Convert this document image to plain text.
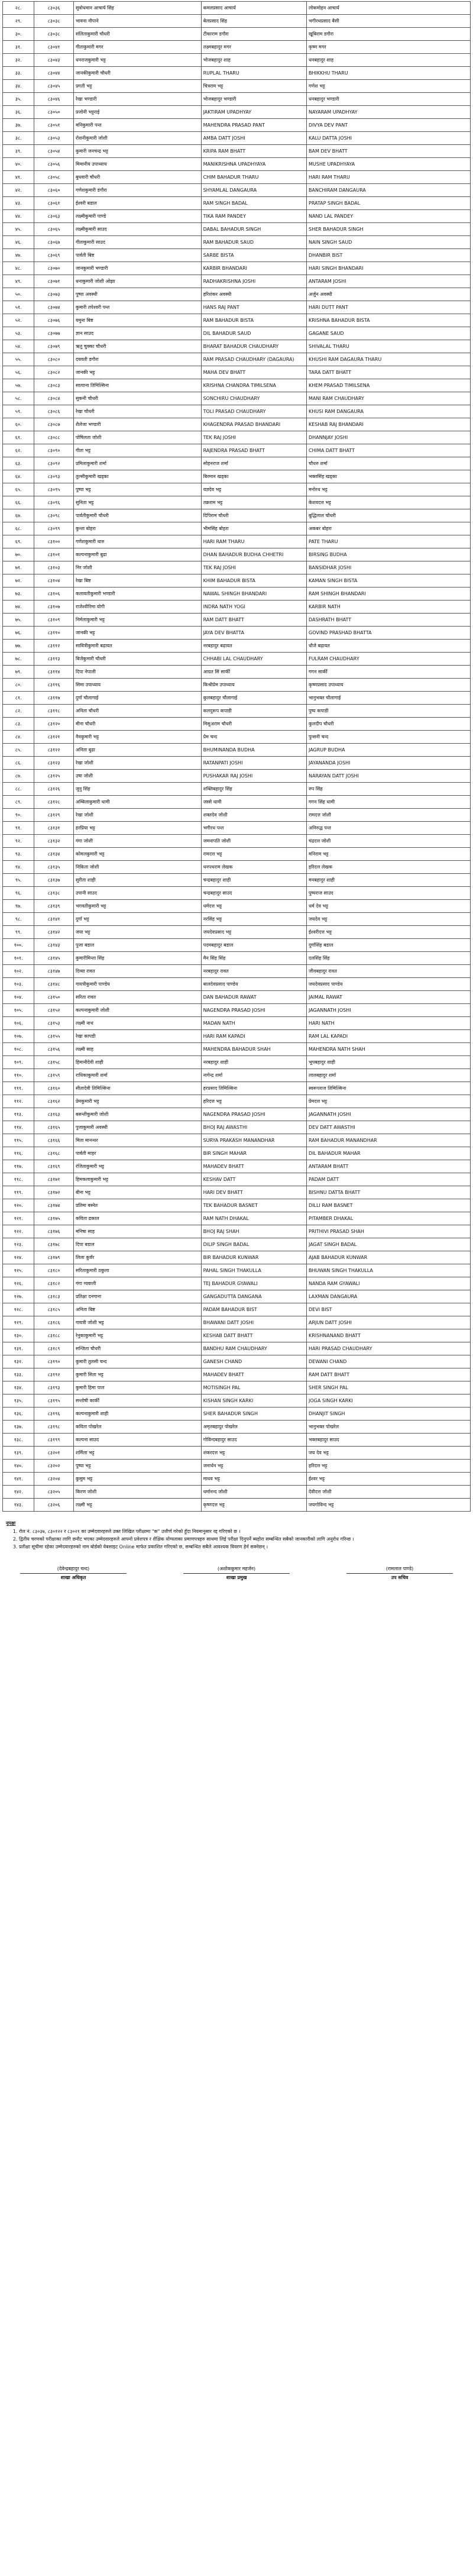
२८.	८३०३६	सुवोधमान आचार्य सिंह	कमलप्रसाद आचार्य	लोकमोहन आचार्य
२९.	८३०३८	भावना नौपाने	बेलप्रसाद सिंह	भगीरथप्रसाद बैसी
३०.	८३०३८	संलिताकुमारी चौधरी	टीकाराम डगौरा	खूबिराम डगौरा
३१.	८३०४१	गीताकुमारी मगर	लक्ष्मबहादुर मगर	कृष्ण मगर
३२.	८३०४३	धनराजकुमारी भट्ट	भोजबहादुर शाह	धनबहादुर शाह
३३.	८३०४४	जानकीकुमारी चौधरी	RUPLAL THARU	BHIKKHU THARU
३४.	८३०४५	प्रगती भट्ट	चित्रराम भट्ट	गणेश भट्ट
३५.	८३०४६	रेखा भण्डारी	भोजबहादुर भण्डारी	धनबहादुर भण्डारी
३६.	८३०५०	प्रजोनी भट्टराई	JAKTIRAM UPADHYAY	NAYARAM UPADHYAY
३७.	८३०५१	मनिकुमारी पन्त	MAHENDRA PRASAD PANT	DIVYA DEV PANT
३८.	८३०५३	रोशनीकुमारी जोशी	AMBA DATT JOSHI	KALU DATTA JOSHI
३९.	८३०५४	कुमारी जनचन्द्र भट्ट	KRIPA RAM BHATT	BAM DEV BHATT
४०.	८३०५६	मिमानीय उपाध्याय	MANIKRISHNA UPADHYAYA	MUSHE UPADHYAYA
४१.	८३०५८	बुधवारी चौधरी	CHIM BAHADUR THARU	HARI RAM THARU
४२.	८३०६०	गणेशकुमारी डंगौरा	SHYAMLAL DANGAURA	BANCHIRAM DANGAURA
४३.	८३०६१	ईश्वरी बडाल	RAM SINGH BADAL	PRATAP SINGH BADAL
४४.	८३०६३	लक्ष्मीकुमारी पाण्डे	TIKA RAM PANDEY	NAND LAL PANDEY
४५.	८३०६५	लक्ष्मीकुमारी साउद	DABAL BAHADUR SINGH	SHER BAHADUR SINGH
४६.	८३०६७	गीताकुमारी साउद	RAM BAHADUR SAUD	NAIN SINGH SAUD
४७.	८३०६९	पार्वती बिष्ट	SARBE BISTA	DHANBIR BIST
४८.	८३०७०	जानकुमारी भण्डारी	KARBIR BHANDARI	HARI SINGH BHANDARI
४९.	८३०७१	धनाकुमारी जोशी ओझा	RADHAKRISHNA JOSHI	ANTARAM JOSHI
५०.	८३०७३	पुष्पा अवस्थी	हरिशंकर अवस्थी	अर्जुन अवस्थी
५१.	८३०७४	कुमारी तपेश्वरी पन्त	HANS RAJ PANT	HARI DUTT PANT
५२.	८३०७६	यमुना बिष्ट	RAM BAHADUR BISTA	KRISHNA BAHADUR BISTA
५३.	८३०७७	ज्ञान साउद	DIL BAHADUR SAUD	GAGANE SAUD
५४.	८३०७९	ऋतु चुक्का चौधरी	BHARAT BAHADUR CHAUDHARY	SHIVALAL THARU
५५.	८३०८०	दयवती डगौरा	RAM PRASAD CHAUDHARY (DAGAURA)	KHUSHI RAM DAGAURA THARU
५६.	८३०८२	जानकी भट्ट	MAHA DEV BHATT	TARA DATT BHATT
५७.	८३०८३	सात्पाना तिमिल्सिना	KRISHNA CHANDRA TIMILSENA	KHEM PRASAD TIMILSENA
५८.	८३०८४	सुकनी चौधरी	SONCHIRU CHAUDHARY	MANI RAM CHAUDHARY
५९.	८३०८६	रेखा चौधरी	TOLI PRASAD CHAUDHARY	KHUSI RAM DANGAURA
६०.	८३०८७	शैलेजा भण्डारी	KHAGENDRA PRASAD BHANDARI	KESHAB RAJ BHANDARI
६१.	८३०८८	पोषिलता जोशी	TEK RAJ JOSHI	DHANNJAY JOSHI
६२.	८३०९०	गीता भट्ट	RAJENDRA PRASAD BHATT	CHIMA DATT BHATT
६३.	८३०९२	प्रमिलाकुमारी शर्मा	सोहनराज शर्मा	चौधरु शर्मा
६४.	८३०९३	तुल्सीकुमारी खड्का	बिरमान खड्का	भक्तसिंह खड्का
६५.	८३०९५	पुष्पा भट्ट	यज्ञदेव भट्ट	मनोरथ भट्ट
६६.	८३०९६	सुनिता भट्ट	तक्रराम भट्ट	केशवदत्त भट्ट
६७.	८३०९८	पार्वतीकुमारी चौधरी	दिपिराम चौधरी	बुद्धिलाल चौधरी
६८.	८३०९९	कुन्ता बोहरा	भीमसिंह बोहरा	अकबर बोहरा
६९.	८३१००	गणेशकुमारी थारु	HARI RAM THARU	PATE THARU
७०.	८३१०१	कल्पनाकुमारी बुढा	DHAN BAHADUR BUDHA CHHETRI	BIRSING BUDHA
७१.	८३१०३	निर जोशी	TEK RAJ JOSHI	BANSIDHAR JOSHI
७२.	८३१०४	रेखा बिष्ट	KHIM BAHADUR BISTA	KAMAN SINGH BISTA
७३.	८३१०६	कलावतीकुमारी भण्डारी	NAWAL SHINGH BHANDARI	RAM SHINGH BHANDARI
७४.	८३१०७	राजेश्वीरिमा योगी	INDRA NATH YOGI	KARBIR NATH
७५.	८३१०९	निर्मलाकुमारी भट्ट	RAM DATT BHATT	DASHRATH BHATT
७६.	८३११०	जानकी भट्ट	JAYA DEV BHATTA	GOVIND PRASHAD BHATTA
७७.	८३११२	सावित्रीकुमारी बढ़ायत	नरबहादुर बढ़ायत	धौजे बढ़ायत
७८.	८३११३	बिजेकुमारी चौधरी	CHHABI LAL CHAUDHARY	FULRAM CHAUDHARY
७९.	८३११४	दिपा नेपाली	आग्रत सिं सार्की	गगन सार्की
८०.	८३११६	सिमा उपाध्याय	किश्रीप्रेम उपाध्याय	कृष्णप्रसाद उपाध्याय
८१.	८३११७	दुर्गा चौलागाई	कुलबहादुर चौलागाई	भानुभक्त चौलागाई
८२.	८३११८	अनिता चौधरी	कलदुरूप कपाडी	पुष्प कपाडी
८३.	८३१२०	मीना चौधरी	मिसुअराम चौधरी	कुलदीप चौधरी
८४.	८३१२१	नैनकुमारी भट्ट	प्रेम चन्द	पुन्सनी चन्द
८५.	८३१२२	अनिता बुढा	BHUMINANDA BUDHA	JAGRUP BUDHA
८६.	८३१२३	रेखा जोशी	RATANPATI JOSHI	JAYANANDA JOSHI
८७.	८३१२५	उषा जोशी	PUSHAKAR RAJ JOSHI	NARAYAN DATT JOSHI
८८.	८३१२६	जुनु सिंह	शक्तिबहादुर सिंह	रुप सिंह
८९.	८३१२८	अम्बिलाकुमारी धामी	जस्से धामी	गगन सिंह धामी
९०.	८३१२९	रेखा जोशी	शक्तदेव जोशी	रामदत्त जोशी
९१.	८३१३१	हरप्रिया भट्ट	भगीरथ पन्त	अनिरुद्ध पन्त
९२.	८३१३२	गंगा जोशी	जमनापति जोशी	चंद्रदत्त जोशी
९३.	८३१३४	कोमलकुमारी भट्ट	रामदत्त भट्ट	मनिराम भट्ट
९४.	८३१३५	निकिता जोशी	धनपथराम लेखक	हरिदत्त लेखक
९५.	८३१३७	सुरीता शाही	चन्द्रबहादुर शाही	मनबहादुर शाही
९६.	८३१३८	उपानी साउद	चन्द्रबहादुर साउद	पुष्पराज साउद
९७.	८३१३९	भगवतीकुमारी भट्ट	धर्मदत्त भट्ट	धर्म देव भट्ट
९८.	८३१४१	दुर्गा भट्ट	नरसिंह भट्ट	जयदेव भट्ट
९९.	८३१४२	जया भट्ट	जयदेवप्रसाद भट्ट	ईश्वरीदत्त भट्ट
१००.	८३१४३	पुजा बडाल	पदमबहादुर बडाल	दुर्गासिंह बडाल
१०१.	८३१४५	कुमारीमिन्ता सिंह	मैन सिंह सिंह	दलसिंह सिंह
१०२.	८३१४७	दिव्या रावत	नरबहादुर रावत	जीवबहादुर रावत
१०३.	८३१४८	गायत्रीकुमारी पाण्डेय	बालदेवप्रसाद पाण्डेय	जयदेवप्रसाद पाण्डेय
१०४.	८३१५०	सरिता रावत	DAN BAHADUR RAWAT	JAIMAL RAWAT
१०५.	८३१५२	कल्पनाकुमारी जोशी	NAGENDRA PRASAD JOSHI	JAGANNATH JOSHI
१०६.	८३१५३	लक्ष्मी नाथ	MADAN NATH	HARI NATH
१०७.	८३१५५	रेखा कापडी	HARI RAM KAPADI	RAM LAL KAPADI
१०८.	८३१५६	लक्ष्मी साह	MAHENDRA BAHADUR SHAH	MAHENDRA NATH SHAH
१०९.	८३१५८	हिमानीदेवी शाही	नरबहादुर शाही	भूपबहादुर शाही
११०.	८३१५९	राधिकाकुमारी शर्मा	नागेन्द्र शर्मा	लालबहादुर शर्मा
१११.	८३१६०	सीतादेवी तिमिल्सिना	हरप्रसाद तिमिल्सिना	स्वरूपराज तिमिल्सिना
११२.	८३१६२	प्रेमकुमारी भट्ट	हरिदत्त भट्ट	प्रेमदत्त भट्ट
११३.	८३१६३	बसन्तीकुमारी जोशी	NAGENDRA PRASAD JOSHI	JAGANNATH JOSHI
११४.	८३१६५	पुजाकुमारी अवस्थी	BHOJ RAJ AWASTHI	DEV DATT AWASTHI
११५.	८३१६६	मिता मानन्धर	SURYA PRAKASH MANANDHAR	RAM BAHADUR MANANDHAR
११६.	८३१६८	पार्वती माहर	BIR SINGH MAHAR	DIL BAHADUR MAHAR
११७.	८३१६९	रंजिताकुमारी भट्ट	MAHADEV BHATT	ANTARAM BHATT
११८.	८३१७१	हिमकलाकुमारी भट्ट	KESHAV DATT	PADAM DATT
११९.	८३१७२	बीना भट्ट	HARI DEV BHATT	BISHNU DATTA BHATT
१२०.	८३१७४	प्रतिमा बस्नेत	TEK BAHADUR BASNET	DILLI RAM BASNET
१२१.	८३१७५	कविता ढकाल	RAM NATH DHAKAL	PITAMBER DHAKAL
१२२.	८३१७६	मनिषा साह	BHOJ RAJ SHAH	PRITHIVI PRASAD SHAH
१२३.	८३१७८	दिपा बडाल	DILIP SINGH BADAL	JAGAT SINGH BADAL
१२४.	८३१७९	लिला कुवँर	BIR BAHADUR KUNWAR	AJAB BAHADUR KUNWAR
१२५.	८३१८०	सरिताकुमारी ठकुला	PAHAL SINGH THAKULLA	BHUWAN SINGH THAKULLA
१२६.	८३१८२	गंगा ग्यवाली	TEJ BAHADUR GYAWALI	NANDA RAM GYAWALI
१२७.	८३१८३	प्रतिक्षा दनगाना	GANGADUTTA DANGANA	LAXMAN DANGAURA
१२८.	८३१८५	अनिता बिष्ट	PADAM BAHADUR BIST	DEVI BIST
१२९.	८३१८६	गायत्री जोशी भट्ट	BHAWANI DATT JOSHI	ARJUN DATT JOSHI
१३०.	८३१८८	रेनुकाकुमारी भट्ट	KESHAB DATT BHATT	KRISHNANAND BHATT
१३१.	८३१८९	सन्जिता चौधरी	BANDHU RAM CHAUDHARY	HARI PRASAD CHAUDHARY
१३२.	८३१९०	कुमारी तुलसी चन्द	GANESH CHAND	DEWANI CHAND
१३३.	८३१९२	कुमारी सिता भट्ट	MAHADEV BHATT	RAM DATT BHATT
१३४.	८३१९३	कुमारी हिमा पाल	MOTISINGH PAL	SHER SINGH PAL
१३५.	८३१९५	सन्तोषी कार्की	KISHAN SINGH KARKI	JOGA SINGH KARKI
१३६.	८३१९६	कल्पनाकुमारी शाही	SHER BAHADUR SINGH	DHANJIT SINGH
१३७.	८३१९८	कविता पोखरेल	अमृतबहादुर पोखरेल	भानुभक्त पोखरेल
१३८.	८३१९९	कल्पना साउद	गोविन्दबहादुर साउद	भक्तबहादुर साउद
१३९.	८३२०१	शर्मिला भट्ट	शंकरदत्त भट्ट	जय देव भट्ट
१४०.	८३२०२	पुष्पा भट्ट	जनार्धन भट्ट	हरिदत्त भट्ट
१४१.	८३२०४	कुसुम भट्ट	माधव भट्ट	ईश्वर भट्ट
१४२.	८३२०५	किरण जोशी	धर्मानन्द जोशी	देवीदत्त जोशी
१४३.	८३२०६	लक्ष्मी भट्ट	कृष्णदत्त भट्ट	जयगोविन्द भट्ट
नुपक्षः
1. रोल नं. ८३०३७, ८३०१२२ र ८३०२१ का उम्मेदवारहरुले उक्त लिखित परीक्षामा "क" उत्तीर्ण गरेको हुँदा नियमानुसार रद्द गरिएको छ ।
2. द्वितीय चरणको परीक्षाका लागि छनौट भएका उम्मेदवारहरुले आफ्नो प्रवेशपत्र र शैक्षिक योग्यताका प्रमाणपत्रहरु साथमा लिई परीक्षा दिनुपर्ने ब्यहोरा सम्बन्धित सबैको जानकारीको लागि अनुरोध गरिन्छ ।
3. प्रतीक्षा सूचीमा रहेका उम्मेदवारहरुको नाम बोर्डको वेबसाइट Online मार्फत प्रकाशित गरिएको छ, सम्बन्धित सबैले आवश्यक विवरण हेर्न सक्नेछन् ।
(देवेन्द्रबहादुर चन्द)
शाखा अधिकृत
(अशोककुमार महर्जन)
शाखा प्रमुख
(रामलाल पाण्डे)
उप सचिव
